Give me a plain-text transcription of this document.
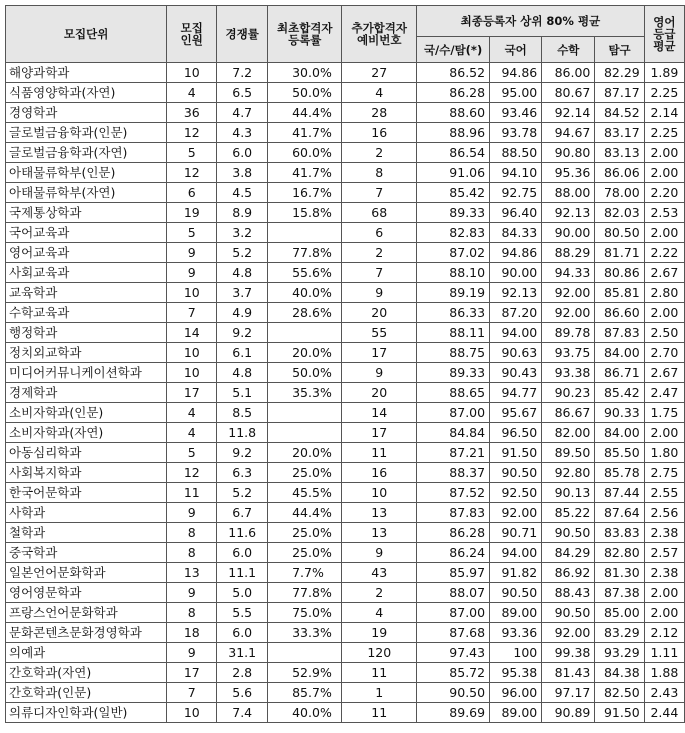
모집단위	모집
인원	경쟁률	최초합격자
등록률	추가합격자
예비번호	최종등록자 상위 80% 평균				영어
등급
평균

					국/수/탐(*)	국어	수학	탐구	
해양과학과	10	7.2	30.0%	27	86.52	94.86	86.00	82.29	1.89
식품영양학과(자연)	4	6.5	50.0%	4	86.28	95.00	80.67	87.17	2.25
경영학과	36	4.7	44.4%	28	88.60	93.46	92.14	84.52	2.14
글로벌금융학과(인문)	12	4.3	41.7%	16	88.96	93.78	94.67	83.17	2.25
글로벌금융학과(자연)	5	6.0	60.0%	2	86.54	88.50	90.80	83.13	2.00
아태물류학부(인문)	12	3.8	41.7%	8	91.06	94.10	95.36	86.06	2.00
아태물류학부(자연)	6	4.5	16.7%	7	85.42	92.75	88.00	78.00	2.20
국제통상학과	19	8.9	15.8%	68	89.33	96.40	92.13	82.03	2.53
국어교육과	5	3.2		6	82.83	84.33	90.00	80.50	2.00
영어교육과	9	5.2	77.8%	2	87.02	94.86	88.29	81.71	2.22
사회교육과	9	4.8	55.6%	7	88.10	90.00	94.33	80.86	2.67
교육학과	10	3.7	40.0%	9	89.19	92.13	92.00	85.81	2.80
수학교육과	7	4.9	28.6%	20	86.33	87.20	92.00	86.60	2.00
행정학과	14	9.2		55	88.11	94.00	89.78	87.83	2.50
정치외교학과	10	6.1	20.0%	17	88.75	90.63	93.75	84.00	2.70
미디어커뮤니케이션학과	10	4.8	50.0%	9	89.33	90.43	93.38	86.71	2.67
경제학과	17	5.1	35.3%	20	88.65	94.77	90.23	85.42	2.47
소비자학과(인문)	4	8.5		14	87.00	95.67	86.67	90.33	1.75
소비자학과(자연)	4	11.8		17	84.84	96.50	82.00	84.00	2.00
아동심리학과	5	9.2	20.0%	11	87.21	91.50	89.50	85.50	1.80
사회복지학과	12	6.3	25.0%	16	88.37	90.50	92.80	85.78	2.75
한국어문학과	11	5.2	45.5%	10	87.52	92.50	90.13	87.44	2.55
사학과	9	6.7	44.4%	13	87.83	92.00	85.22	87.64	2.56
철학과	8	11.6	25.0%	13	86.28	90.71	90.50	83.83	2.38
중국학과	8	6.0	25.0%	9	86.24	94.00	84.29	82.80	2.57
일본언어문화학과	13	11.1	7.7%	43	85.97	91.82	86.92	81.30	2.38
영어영문학과	9	5.0	77.8%	2	88.07	90.50	88.43	87.38	2.00
프랑스언어문화학과	8	5.5	75.0%	4	87.00	89.00	90.50	85.00	2.00
문화콘텐츠문화경영학과	18	6.0	33.3%	19	87.68	93.36	92.00	83.29	2.12
의예과	9	31.1		120	97.43	100	99.38	93.29	1.11
간호학과(자연)	17	2.8	52.9%	11	85.72	95.38	81.43	84.38	1.88
간호학과(인문)	7	5.6	85.7%	1	90.50	96.00	97.17	82.50	2.43
의류디자인학과(일반)	10	7.4	40.0%	11	89.69	89.00	90.89	91.50	2.44
